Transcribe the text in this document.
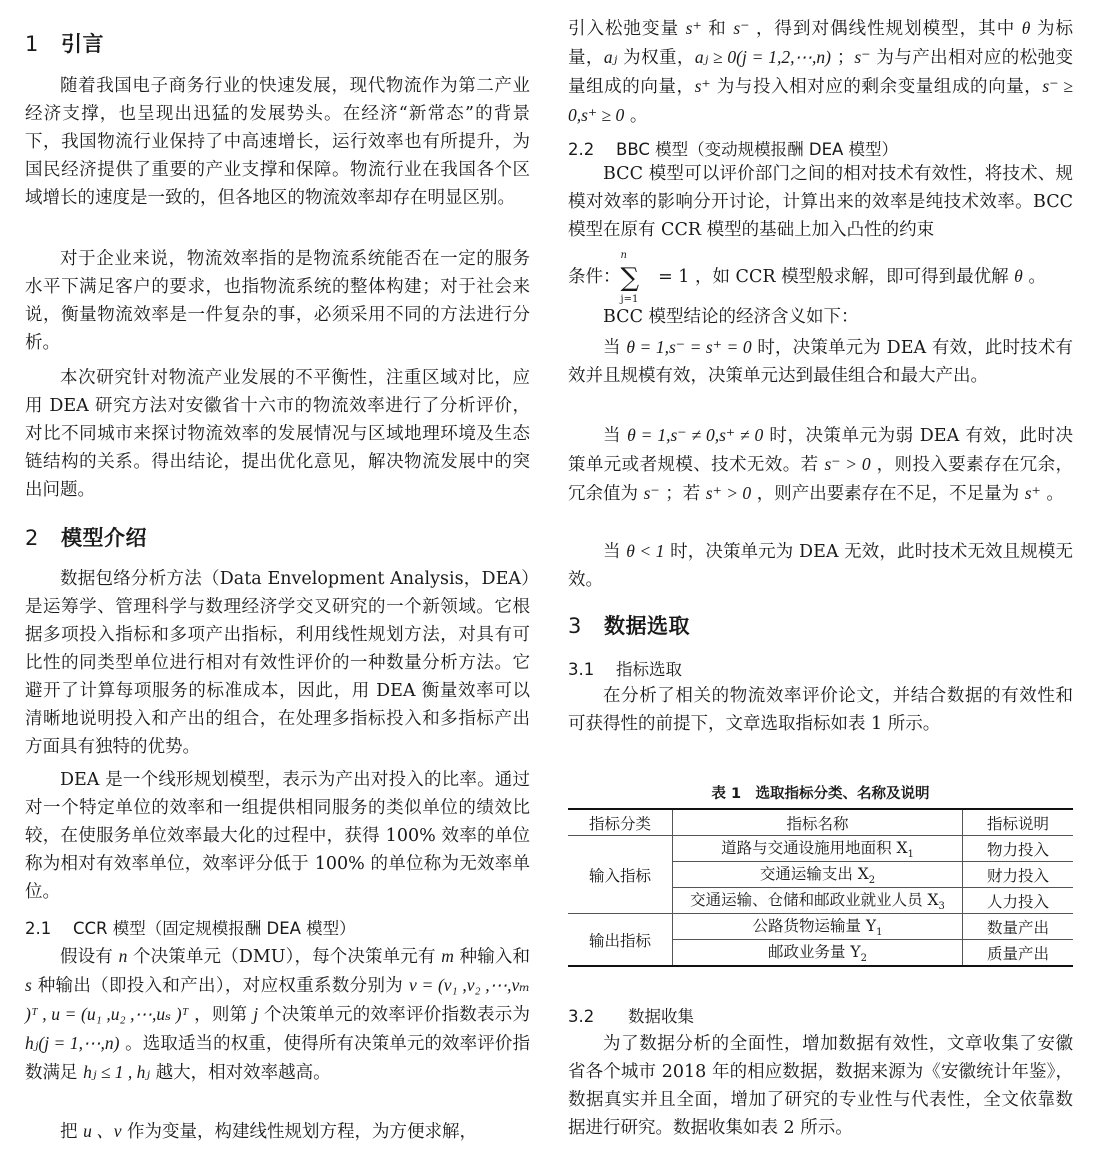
1 引言
随着我国电子商务行业的快速发展，现代物流作为第二产业经济支撑，也呈现出迅猛的发展势头。在经济“新常态”的背景下，我国物流行业保持了中高速增长，运行效率也有所提升，为国民经济提供了重要的产业支撑和保障。物流行业在我国各个区域增长的速度是一致的，但各地区的物流效率却存在明显区别。
对于企业来说，物流效率指的是物流系统能否在一定的服务水平下满足客户的要求，也指物流系统的整体构建；对于社会来说，衡量物流效率是一件复杂的事，必须采用不同的方法进行分析。
本次研究针对物流产业发展的不平衡性，注重区域对比，应用 DEA 研究方法对安徽省十六市的物流效率进行了分析评价，对比不同城市来探讨物流效率的发展情况与区域地理环境及生态链结构的关系。得出结论，提出优化意见，解决物流发展中的突出问题。
2 模型介绍
数据包络分析方法（Data Envelopment Analysis，DEA）是运筹学、管理科学与数理经济学交叉研究的一个新领域。它根据多项投入指标和多项产出指标，利用线性规划方法，对具有可比性的同类型单位进行相对有效性评价的一种数量分析方法。它避开了计算每项服务的标准成本，因此，用 DEA 衡量效率可以清晰地说明投入和产出的组合，在处理多指标投入和多指标产出方面具有独特的优势。
DEA 是一个线形规划模型，表示为产出对投入的比率。通过对一个特定单位的效率和一组提供相同服务的类似单位的绩效比较，在使服务单位效率最大化的过程中，获得 100% 效率的单位称为相对有效率单位，效率评分低于 100% 的单位称为无效率单位。
2.1 CCR 模型（固定规模报酬 DEA 模型）
假设有 n 个决策单元（DMU），每个决策单元有 m 种输入和 s 种输出（即投入和产出），对应权重系数分别为 v = (v₁ ,v₂ ,⋯,vₘ )ᵀ , u = (u₁ ,u₂ ,⋯,uₛ )ᵀ ，则第 j 个决策单元的效率评价指数表示为 hⱼ(j = 1,⋯,n) 。选取适当的权重，使得所有决策单元的效率评价指数满足 hⱼ ≤ 1 , hⱼ 越大，相对效率越高。
把 u 、v 作为变量，构建线性规划方程，为方便求解，
引入松弛变量 s⁺ 和 s⁻ ，得到对偶线性规划模型，其中 θ 为标量，aⱼ 为权重，aⱼ ≥ 0(j = 1,2,⋯,n) ；s⁻ 为与产出相对应的松弛变量组成的向量，s⁺ 为与投入相对应的剩余变量组成的向量，s⁻ ≥ 0,s⁺ ≥ 0 。
2.2 BBC 模型（变动规模报酬 DEA 模型）
BCC 模型可以评价部门之间的相对技术有效性，将技术、规模对效率的影响分开讨论，计算出来的效率是纯技术效率。BCC 模型在原有 CCR 模型的基础上加入凸性的约束
条件：
n
∑
j=1
= 1 ，如 CCR 模型般求解，即可得到最优解 θ 。
BCC 模型结论的经济含义如下：
当 θ = 1,s⁻ = s⁺ = 0 时，决策单元为 DEA 有效，此时技术有效并且规模有效，决策单元达到最佳组合和最大产出。
当 θ = 1,s⁻ ≠ 0,s⁺ ≠ 0 时，决策单元为弱 DEA 有效，此时决策单元或者规模、技术无效。若 s⁻ > 0 ，则投入要素存在冗余，冗余值为 s⁻ ；若 s⁺ > 0 ，则产出要素存在不足，不足量为 s⁺ 。
当 θ < 1 时，决策单元为 DEA 无效，此时技术无效且规模无效。
3 数据选取
3.1 指标选取
在分析了相关的物流效率评价论文，并结合数据的有效性和可获得性的前提下，文章选取指标如表 1 所示。
表 1　选取指标分类、名称及说明
指标分类	指标名称	指标说明
输入指标	道路与交通设施用地面积 $X_1$	物力投入
	交通运输支出 $X_2$	财力投入
	交通运输、仓储和邮政业就业人员 $X_3$	人力投入
输出指标	公路货物运输量 $Y_1$	数量产出
	邮政业务量 $Y_2$	质量产出
3.2 数据收集
为了数据分析的全面性，增加数据有效性，文章收集了安徽省各个城市 2018 年的相应数据，数据来源为《安徽统计年鉴》，数据真实并且全面，增加了研究的专业性与代表性，全文依靠数据进行研究。数据收集如表 2 所示。
